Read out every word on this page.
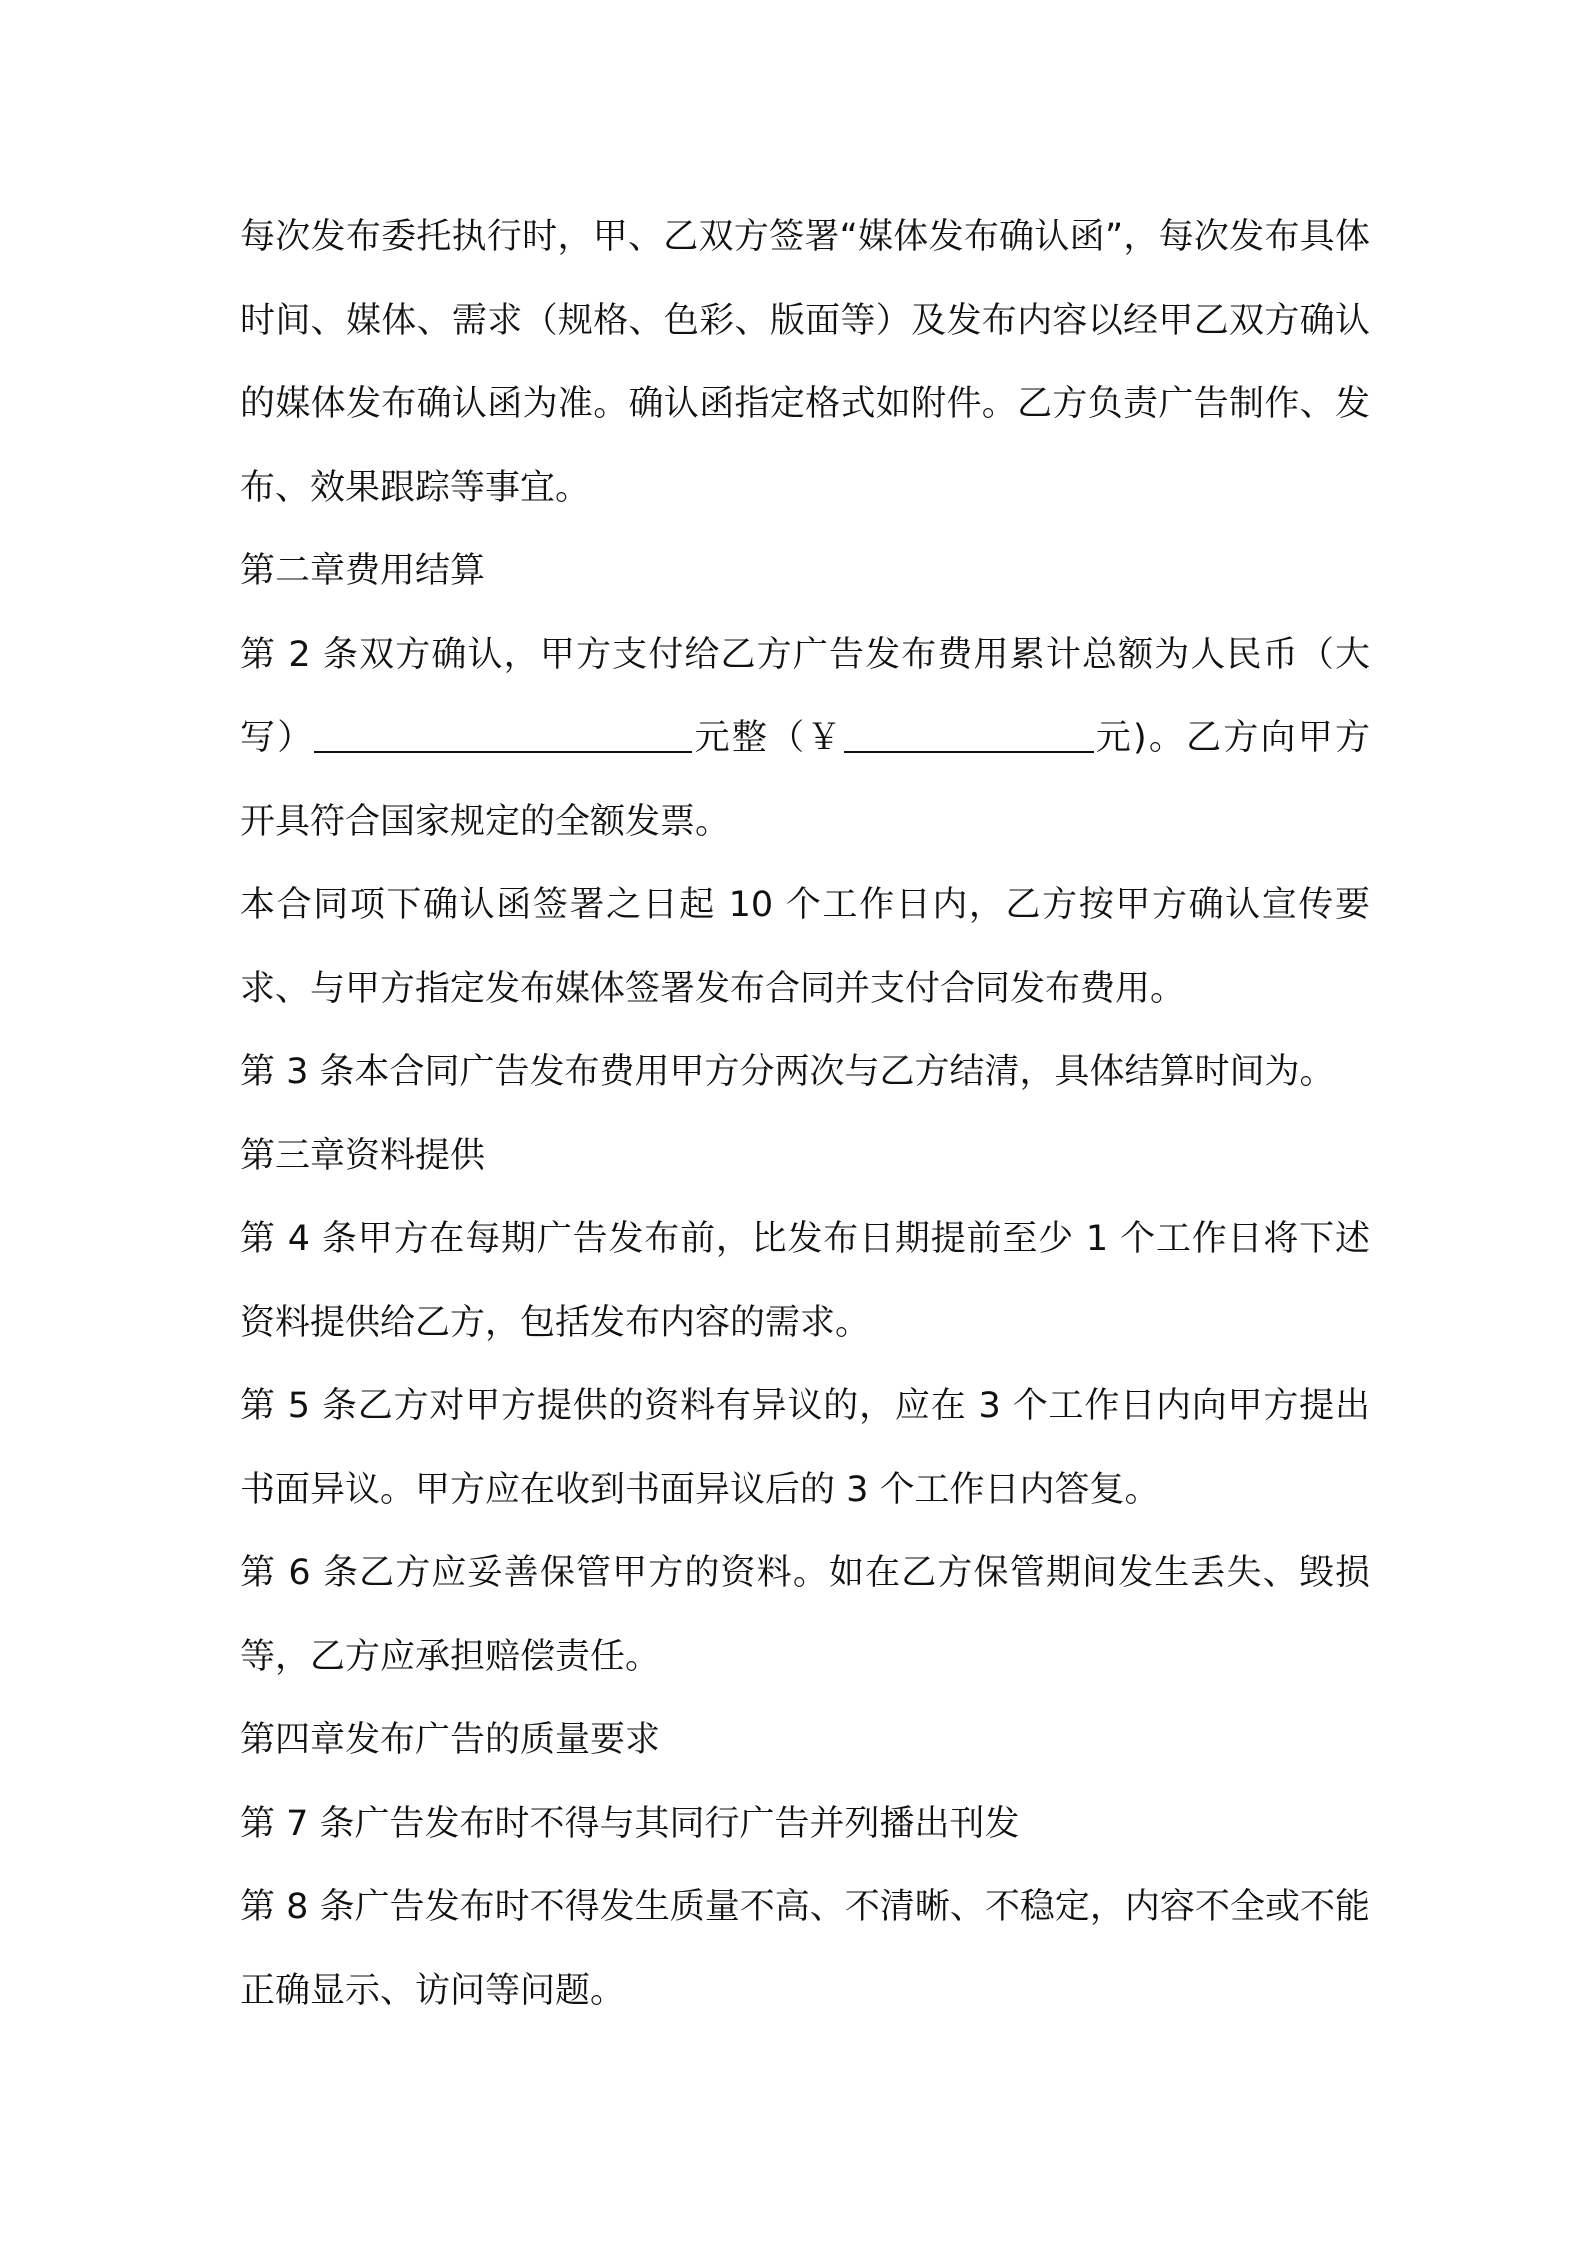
每次发布委托执行时，甲、乙双方签署“媒体发布确认函”，每次发布具体时间、媒体、需求（规格、色彩、版面等）及发布内容以经甲乙双方确认的媒体发布确认函为准。确认函指定格式如附件。乙方负责广告制作、发布、效果跟踪等事宜。

第二章费用结算

第 2 条双方确认，甲方支付给乙方广告发布费用累计总额为人民币（大写）	元整（￥	元)。乙方向甲方开具符合国家规定的全额发票。

本合同项下确认函签署之日起 10 个工作日内，乙方按甲方确认宣传要求、与甲方指定发布媒体签署发布合同并支付合同发布费用。

第 3 条本合同广告发布费用甲方分两次与乙方结清，具体结算时间为。

第三章资料提供

第 4 条甲方在每期广告发布前，比发布日期提前至少 1 个工作日将下述资料提供给乙方，包括发布内容的需求。

第 5 条乙方对甲方提供的资料有异议的，应在 3 个工作日内向甲方提出书面异议。甲方应在收到书面异议后的 3 个工作日内答复。

第 6 条乙方应妥善保管甲方的资料。如在乙方保管期间发生丢失、毁损等，乙方应承担赔偿责任。

第四章发布广告的质量要求

第 7 条广告发布时不得与其同行广告并列播出刊发

第 8 条广告发布时不得发生质量不高、不清晰、不稳定，内容不全或不能正确显示、访问等问题。
